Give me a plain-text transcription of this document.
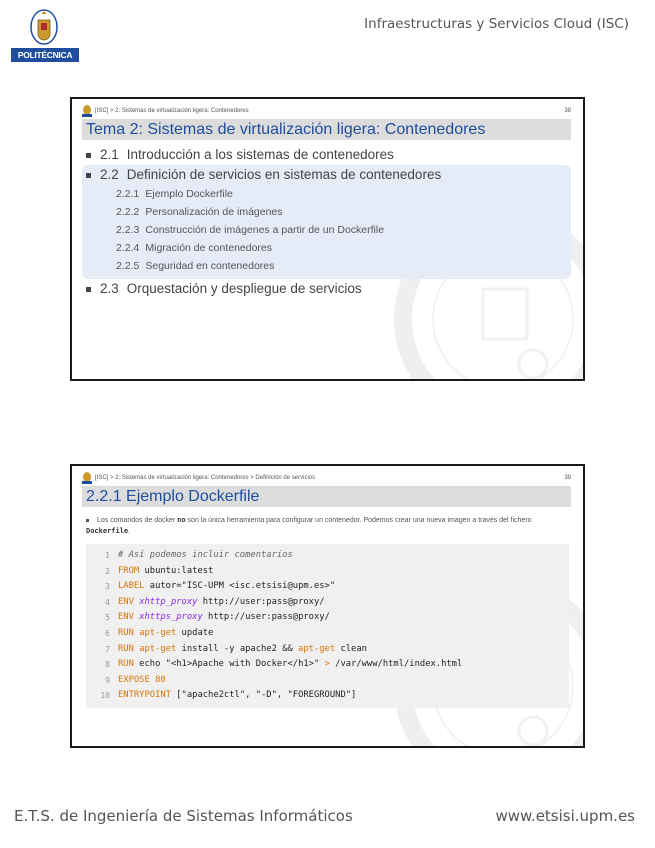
POLITÉCNICA
Infraestructuras y Servicios Cloud (ISC)
[ISC] > 2: Sistemas de virtualización ligera: Contenedores	38
Tema 2: Sistemas de virtualización ligera: Contenedores
2.1 Introducción a los sistemas de contenedores
2.2 Definición de servicios en sistemas de contenedores
2.2.1 Ejemplo Dockerfile
2.2.2 Personalización de imágenes
2.2.3 Construcción de imágenes a partir de un Dockerfile
2.2.4 Migración de contenedores
2.2.5 Seguridad en contenedores
2.3 Orquestación y despliegue de servicios
[ISC] > 2: Sistemas de virtualización ligera: Contenedores > Definición de servicios	39
2.2.1 Ejemplo Dockerfile
Los comandos de docker no son la única herramienta para configurar un contenedor. Podemos crear una nueva imagen a través del fichero Dockerfile.
1 # Así podemos incluir comentarios
2 FROM ubuntu:latest
3 LABEL autor="ISC-UPM <isc.etsisi@upm.es>"
4 ENV xhttp_proxy http://user:pass@proxy/
5 ENV xhttps_proxy http://user:pass@proxy/
6 RUN apt-get update
7 RUN apt-get install -y apache2 && apt-get clean
8 RUN echo "<h1>Apache with Docker</h1>" > /var/www/html/index.html
9 EXPOSE 80
10 ENTRYPOINT ["apache2ctl", "-D", "FOREGROUND"]
E.T.S. de Ingeniería de Sistemas Informáticos	www.etsisi.upm.es
